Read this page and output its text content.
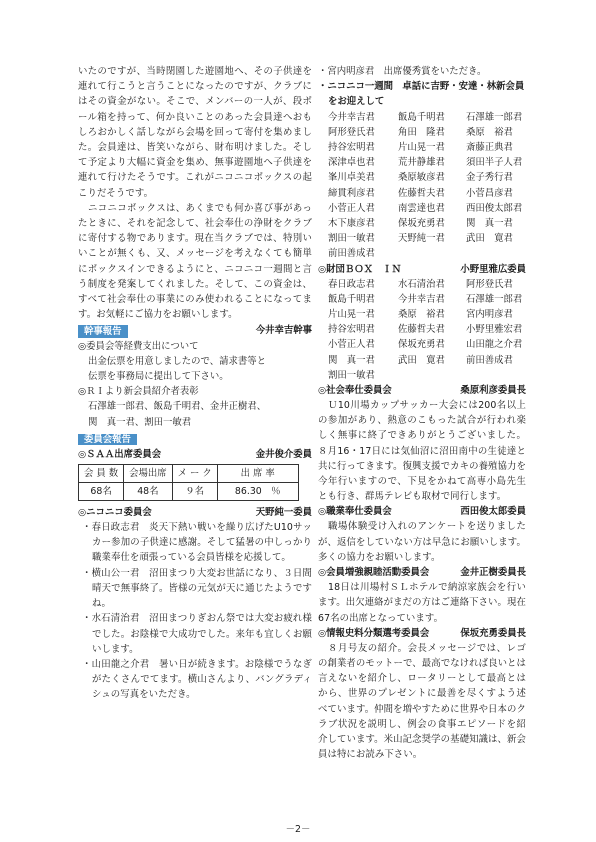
いたのですが、当時閉園した遊園地へ、その子供達を連れて行こうと言うことになったのですが、クラブにはその資金がない。そこで、メンバーの一人が、段ボール箱を持って、何か良いことのあった会員達へおもしろおかしく話しながら会場を回って寄付を集めました。会員達は、皆笑いながら、財布明けました。そして予定より大幅に資金を集め、無事遊園地へ子供達を連れて行けたそうです。これがニコニコボックスの起こりだそうです。

ニコニコボックスは、あくまでも何か喜び事があったときに、それを記念して、社会奉仕の浄財をクラブに寄付する物であります。現在当クラブでは、特別いいことが無くも、又、メッセージを考えなくても簡単にボックスインできるようにと、ニコニコ一週間と言う制度を発案してくれました。そして、この資金は、すべて社会奉仕の事業にのみ使われることになってます。お気軽にご協力をお願いします。

幹事報告	今井幸吉幹事
◎委員会等経費支出について
出金伝票を用意しましたので、請求書等と
伝票を事務局に提出して下さい。
◎ＲＩより新会員紹介者表彰
石澤雄一郎君、飯島千明君、金井正樹君、
関　真一君、割田一敏君
委員会報告
◎ＳＡＡ出席委員会	金井俊介委員
会 員 数	会場出席	メ ー ク	出 席 率
68名	48名	９名	86.30　％
◎ニコニコ委員会	天野純一委員

・春日政志君　炎天下熱い戦いを繰り広げたU10サッカー参加の子供達に感謝。そして猛暑の中しっかり職業奉仕を頑張っている会員皆様を応援して。

・横山公一君　沼田まつり大変お世話になり、３日間晴天で無事終了。皆様の元気が天に通じたようですね。

・水石清治君　沼田まつりぎおん祭では大変お疲れ様でした。お陰様で大成功でした。来年も宜しくお願いします。

・山田龍之介君　暑い日が続きます。お陰様でうなぎがたくさんでてます。横山さんより、バングラディシュの写真をいただき。

・宮内明彦君　出席優秀賞をいただき。
・ニコニコ一週間　卓話に吉野・安達・林新会員をお迎えして
今井幸吉君	飯島千明君	石澤雄一郎君
阿形登氏君	角田　隆君	桑原　裕君
持谷宏明君	片山晃一君	斎藤正典君
深津卓也君	荒井静雄君	須田半子人君
峯川卓美君	桑原敏彦君	金子秀行君
締貫利彦君	佐藤哲夫君	小菅昌彦君
小菅正人君	南雲達也君	西田俊太郎君
木下康彦君	保坂充勇君	関　真一君
割田一敏君	天野純一君	武田　寛君
前田善成君
◎財団ＢＯＸ　ＩＮ	小野里雅広委員
春日政志君	水石清治君	阿形登氏君
飯島千明君	今井幸吉君	石澤雄一郎君
片山晃一君	桑原　裕君	宮内明彦君
持谷宏明君	佐藤哲夫君	小野里雅宏君
小菅正人君	保坂充勇君	山田龍之介君
関　真一君	武田　寛君	前田善成君
割田一敏君
◎社会奉仕委員会	桑原利彦委員長

Ｕ10川場カップサッカー大会には200名以上の参加があり、熱意のこもった試合が行われ楽しく無事に終了できありがとうございました。８月16・17日には気仙沼に沼田南中の生徒達と共に行ってきます。復興支援でカキの養殖協力を今年行いますので、下見をかねて高専小島先生とも行き、群馬テレビも取材で同行します。

◎職業奉仕委員会	西田俊太郎委員

職場体験受け入れのアンケートを送りましたが、返信をしていない方は早急にお願いします。多くの協力をお願いします。

◎会員増強親睦活動委員会	金井正樹委員長

18日は川場村ＳＬホテルで納涼家族会を行います。出欠連絡がまだの方はご連絡下さい。現在67名の出席となっています。

◎情報史料分類選考委員会	保坂充勇委員長

８月号友の紹介。会長メッセージでは、レゴの創業者のモットーで、最高でなければ良いとは言えないを紹介し、ロータリーとして最高とはから、世界のプレゼントに最善を尽くすよう述べています。仲間を増やすために世界や日本のクラブ状況を説明し、例会の食事エピソードを紹介しています。米山記念奨学の基礎知識は、新会員は特にお読み下さい。

－2－
